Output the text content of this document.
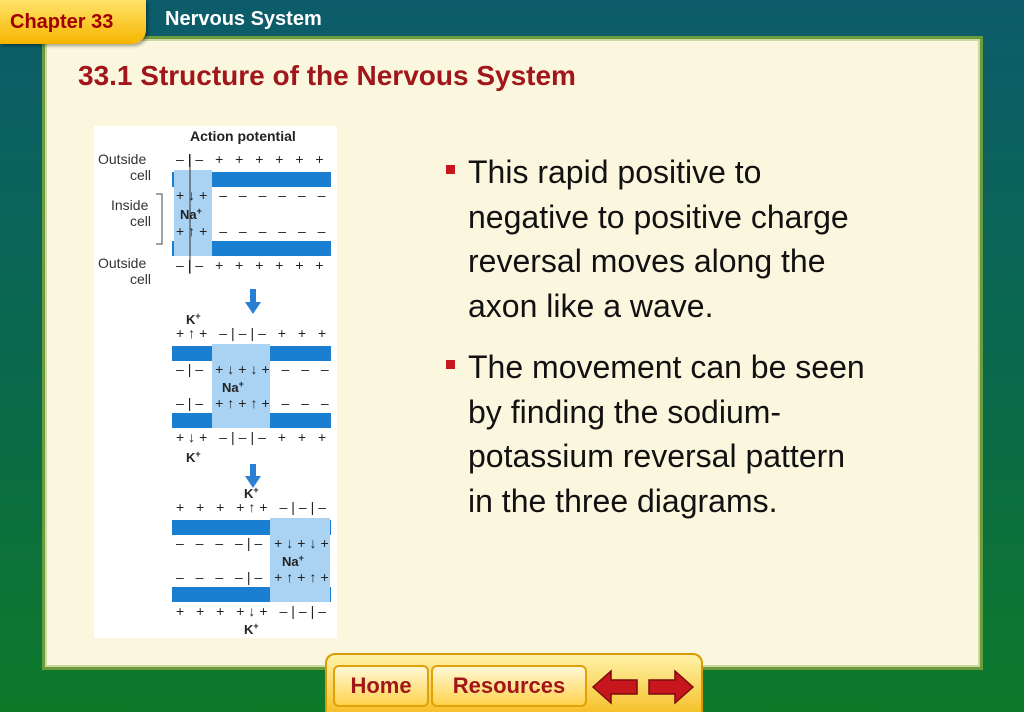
Chapter 33	Nervous System
33.1 Structure of the Nervous System
Action potential
Outside
cell
Inside
cell
Outside
cell
–|– + + + + + +
+↓+ – – – – – –
Na+
+↑+ – – – – – –
–|– + + + + + +
K+
+↑+ –|–|– + + +
–|– +↓+↓+ – – –
Na+
–|– +↑+↑+ – – –
+↓+ –|–|– + + +
K+
K+
+ + + +↑+ –|–|–
– – – –|– +↓+↓+
Na+
– – – –|– +↑+↑+
+ + + +↓+ –|–|–
K+
This rapid positive to negative to positive charge reversal moves along the axon like a wave.
The movement can be seen by finding the sodium-potassium reversal pattern in the three diagrams.
Home	Resources
